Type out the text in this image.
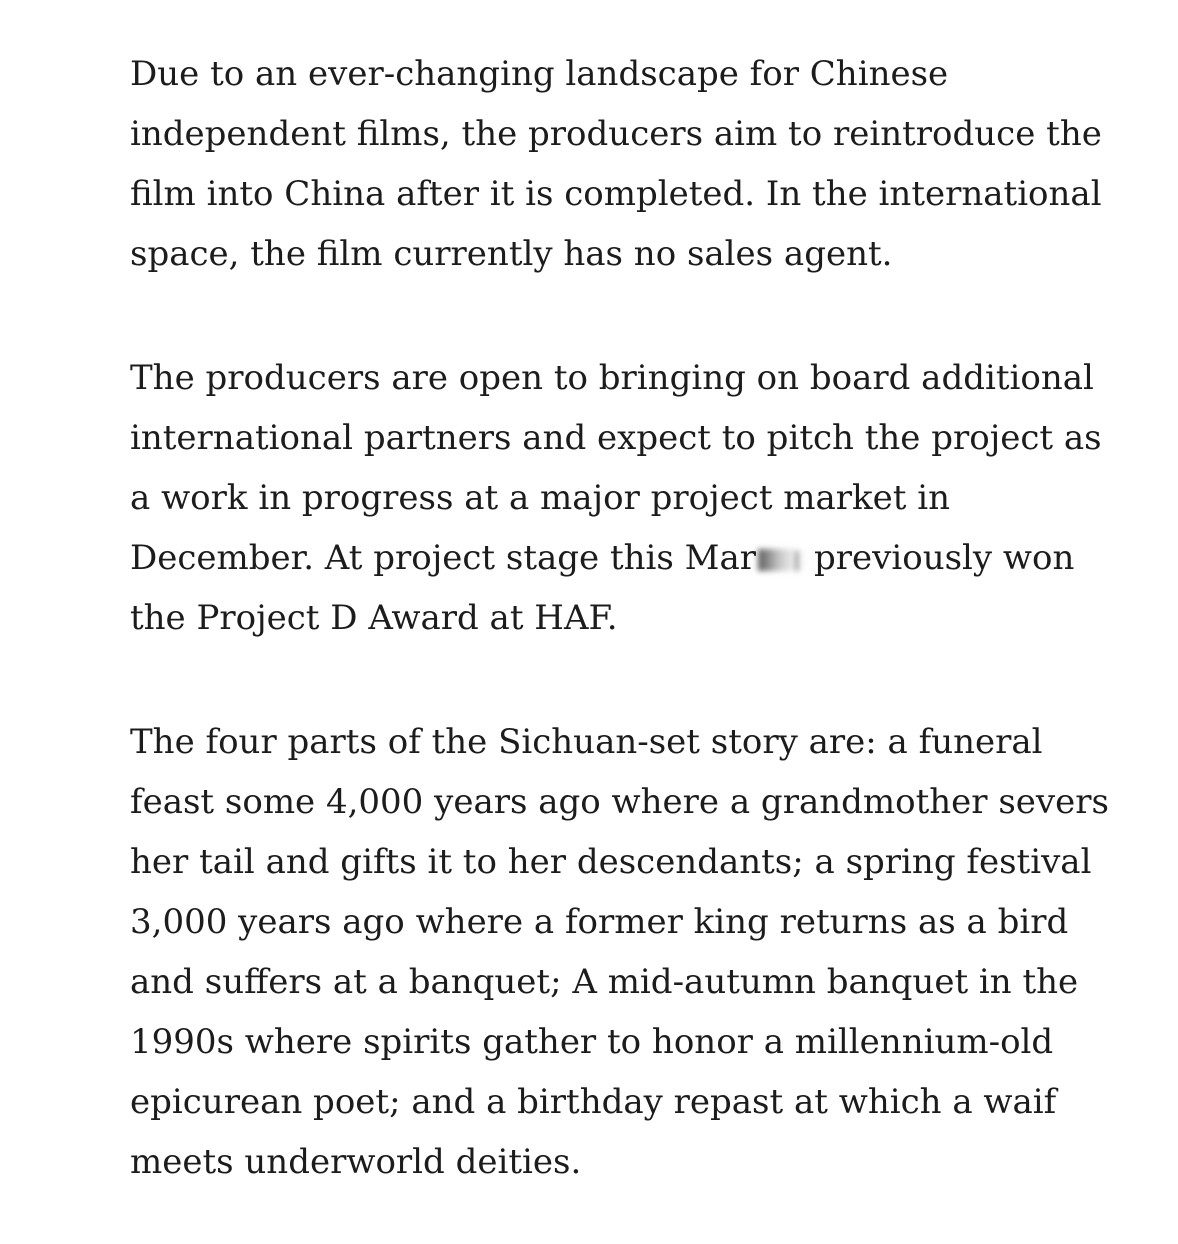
Due to an ever-changing landscape for Chinese
independent films, the producers aim to reintroduce the
film into China after it is completed. In the international
space, the film currently has no sales agent.

The producers are open to bringing on board additional
international partners and expect to pitch the project as
a work in progress at a major project market in
December. At project stage this Mar previously won
the Project D Award at HAF.

The four parts of the Sichuan-set story are: a funeral
feast some 4,000 years ago where a grandmother severs
her tail and gifts it to her descendants; a spring festival
3,000 years ago where a former king returns as a bird
and suffers at a banquet; A mid-autumn banquet in the
1990s where spirits gather to honor a millennium-old
epicurean poet; and a birthday repast at which a waif
meets underworld deities.
